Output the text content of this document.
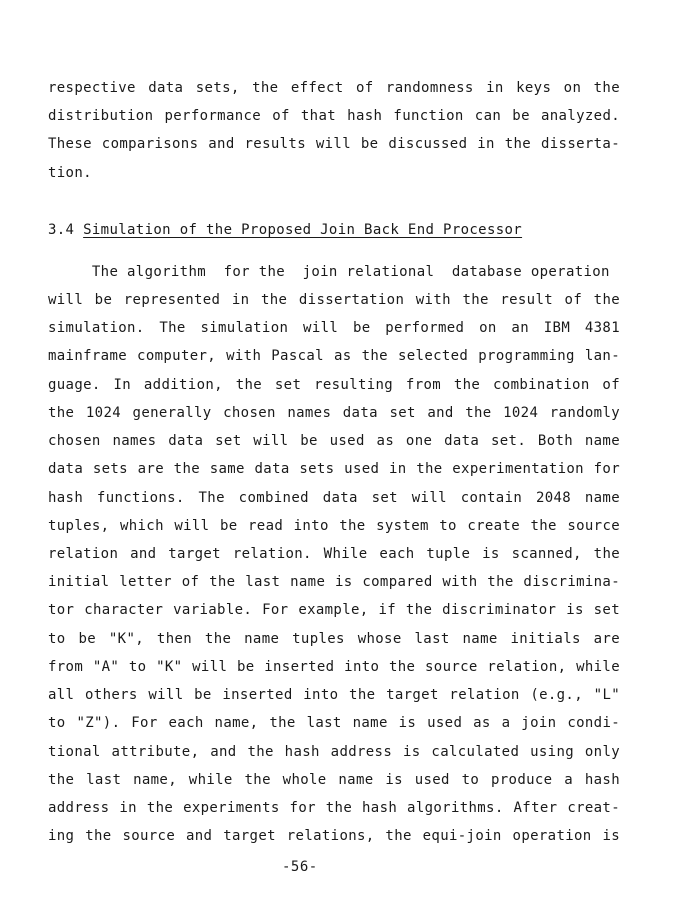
respective data sets, the effect of randomness in keys on the
distribution performance of that hash function can be analyzed.
These comparisons and results will be discussed in the disserta-
tion.
3.4 Simulation of the Proposed Join Back End Processor
The algorithm  for the  join relational  database operation
will be represented in the dissertation with the result of the
simulation. The simulation will be performed on an IBM 4381
mainframe computer, with Pascal as the selected programming lan-
guage. In addition, the set resulting from the combination of
the 1024 generally chosen names data set and the 1024 randomly
chosen names data set will be used as one data set. Both name
data sets are the same data sets used in the experimentation for
hash functions. The combined data set will contain 2048 name
tuples, which will be read into the system to create the source
relation and target relation. While each tuple is scanned, the
initial letter of the last name is compared with the discrimina-
tor character variable. For example, if the discriminator is set
to be "K", then the name tuples whose last name initials are
from "A" to "K" will be inserted into the source relation, while
all others will be inserted into the target relation (e.g., "L"
to "Z"). For each name, the last name is used as a join condi-
tional attribute, and the hash address is calculated using only
the last name, while the whole name is used to produce a hash
address in the experiments for the hash algorithms. After creat-
ing the source and target relations, the equi-join operation is
-56-
